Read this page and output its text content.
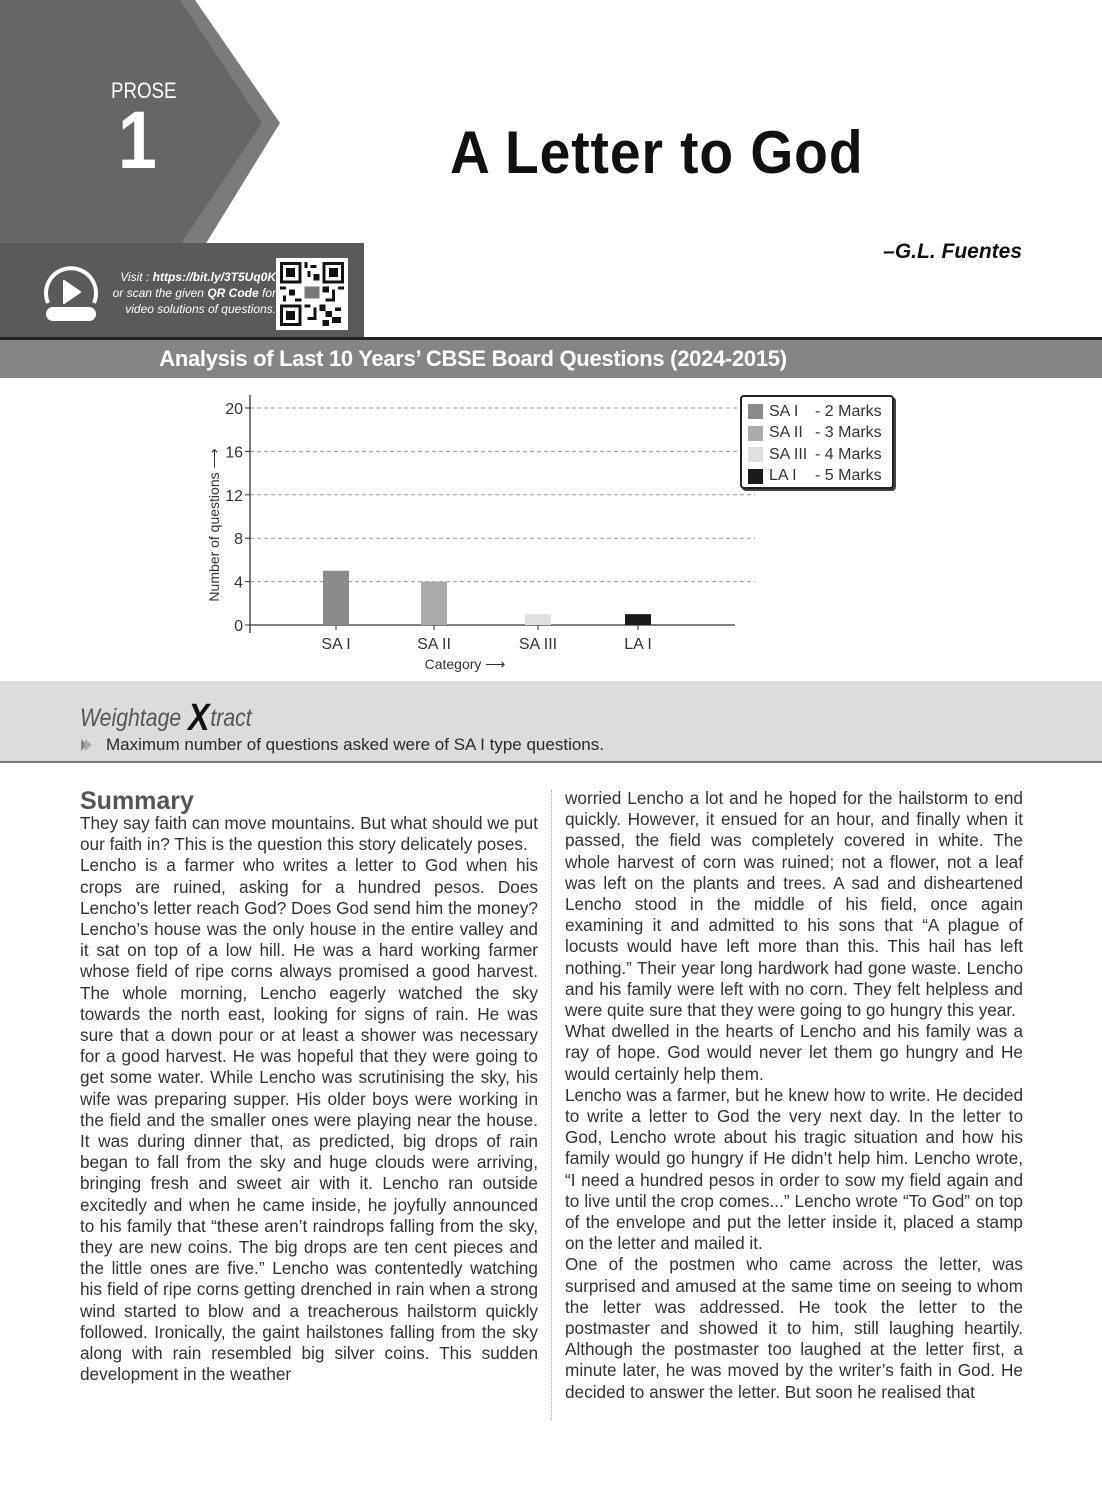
PROSE
1	A Letter to God
–G.L. Fuentes
Visit : https://bit.ly/3T5Uq0K
or scan the given QR Code for
video solutions of questions.
Analysis of Last 10 Years’ CBSE Board Questions (2024-2015)
0
4
8
12
16
20
SA I	SA II	SA III	LA I
Category ⟶
Number of questions ⟶
SA I	- 2 Marks
SA II - 3 Marks
SA III - 4 Marks
LA I	- 5 Marks
Weightage Xtract
Maximum number of questions asked were of SA I type questions.
Summary

They say faith can move mountains. But what should we put our faith in? This is the question this story delicately poses.

Lencho is a farmer who writes a letter to God when his crops are ruined, asking for a hundred pesos. Does Lencho’s letter reach God? Does God send him the money? Lencho’s house was the only house in the entire valley and it sat on top of a low hill. He was a hard working farmer whose field of ripe corns always promised a good harvest. The whole morning, Lencho eagerly watched the sky towards the north east, looking for signs of rain. He was sure that a down pour or at least a shower was necessary for a good harvest. He was hopeful that they were going to get some water. While Lencho was scrutinising the sky, his wife was preparing supper. His older boys were working in the field and the smaller ones were playing near the house. It was during dinner that, as predicted, big drops of rain began to fall from the sky and huge clouds were arriving, bringing fresh and sweet air with it. Lencho ran outside excitedly and when he came inside, he joyfully announced to his family that “these aren’t raindrops falling from the sky, they are new coins. The big drops are ten cent pieces and the little ones are five.” Lencho was contentedly watching his field of ripe corns getting drenched in rain when a strong wind started to blow and a treacherous hailstorm quickly followed. Ironically, the gaint hailstones falling from the sky along with rain resembled big silver coins. This sudden development in the weather

worried Lencho a lot and he hoped for the hailstorm to end quickly. However, it ensued for an hour, and finally when it passed, the field was completely covered in white. The whole harvest of corn was ruined; not a flower, not a leaf was left on the plants and trees. A sad and disheartened Lencho stood in the middle of his field, once again examining it and admitted to his sons that “A plague of locusts would have left more than this. This hail has left nothing.” Their year long hardwork had gone waste. Lencho and his family were left with no corn. They felt helpless and were quite sure that they were going to go hungry this year.

What dwelled in the hearts of Lencho and his family was a ray of hope. God would never let them go hungry and He would certainly help them.

Lencho was a farmer, but he knew how to write. He decided to write a letter to God the very next day. In the letter to God, Lencho wrote about his tragic situation and how his family would go hungry if He didn’t help him. Lencho wrote, “I need a hundred pesos in order to sow my field again and to live until the crop comes...” Lencho wrote “To God” on top of the envelope and put the letter inside it, placed a stamp on the letter and mailed it.

One of the postmen who came across the letter, was surprised and amused at the same time on seeing to whom the letter was addressed. He took the letter to the postmaster and showed it to him, still laughing heartily. Although the postmaster too laughed at the letter first, a minute later, he was moved by the writer’s faith in God. He decided to answer the letter. But soon he realised that
